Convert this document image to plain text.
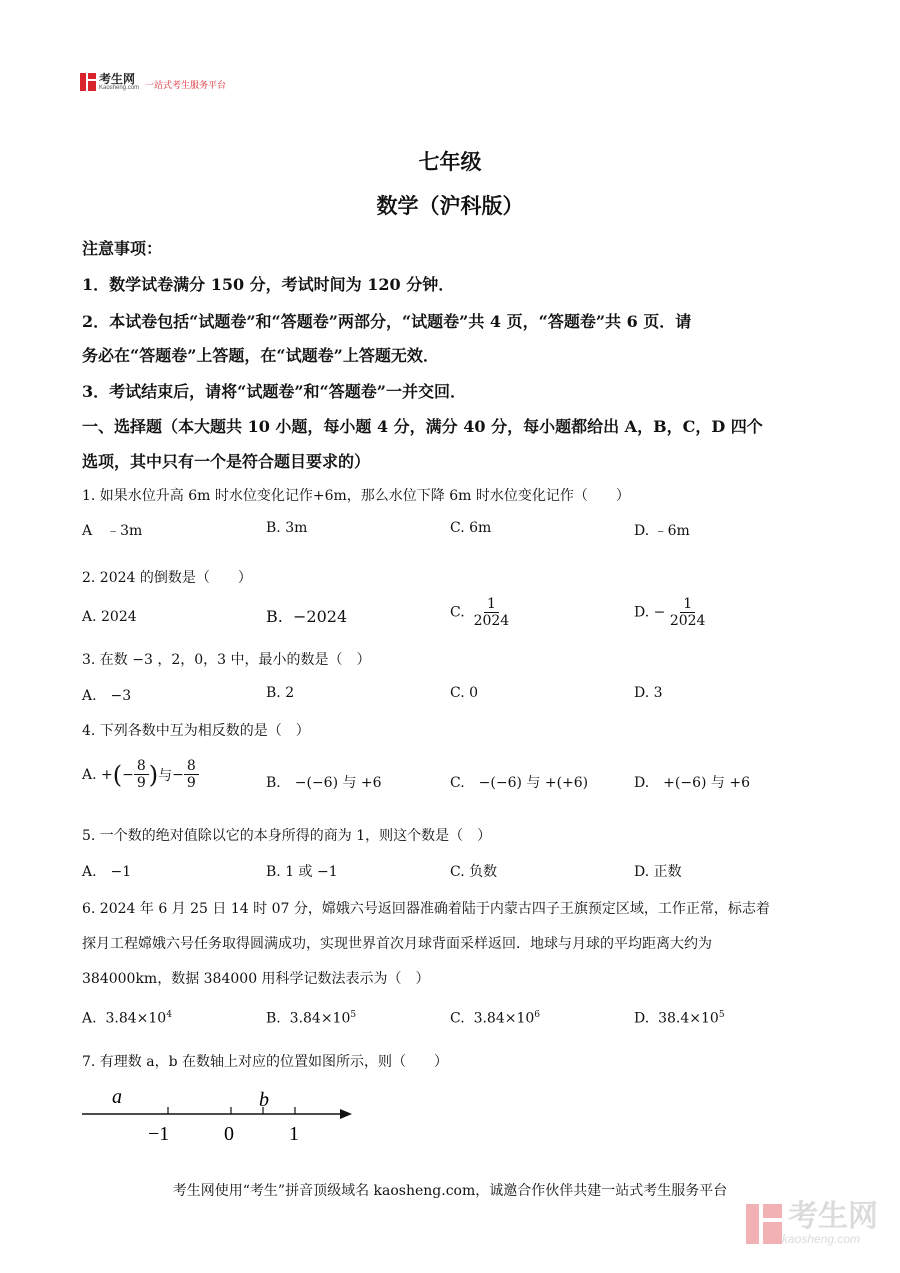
考生网
Kaosheng.com 一站式考生服务平台
七年级
数学（沪科版）
注意事项：
1．数学试卷满分 150 分，考试时间为 120 分钟．
2．本试卷包括“试题卷”和“答题卷”两部分，“试题卷”共 4 页，“答题卷”共 6 页．请
务必在“答题卷”上答题，在“试题卷”上答题无效．
3．考试结束后，请将“试题卷”和“答题卷”一并交回．
一、选择题（本大题共 10 小题，每小题 4 分，满分 40 分，每小题都给出 A，B，C，D 四个
选项，其中只有一个是符合题目要求的）
1. 如果水位升高 6m 时水位变化记作+6m，那么水位下降 6m 时水位变化记作（　　）
A　﹣3m	B. 3m	C. 6m	D. ﹣6m
2. 2024 的倒数是（　　）
A. 2024	B. −2024	C. $\frac{1}{2024}$	D. − $\frac{1}{2024}$
3. 在数 −3 ，2，0，3 中，最小的数是（　）
A.　−3	B. 2	C. 0	D. 3
4. 下列各数中互为相反数的是（　）
A.
+ ( − $\frac{8}{9}$ ) 与 − $\frac{8}{9}$	B.　−(−6) 与 +6	C.　−(−6) 与 +(+6)	D.　+(−6) 与 +6
5. 一个数的绝对值除以它的本身所得的商为 1，则这个数是（　）
A.　−1	B. 1 或 −1	C. 负数	D. 正数
6. 2024 年 6 月 25 日 14 时 07 分，嫦娥六号返回器准确着陆于内蒙古四子王旗预定区域，工作正常，标志着
探月工程嫦娥六号任务取得圆满成功，实现世界首次月球背面采样返回．地球与月球的平均距离大约为
384000km，数据 384000 用科学记数法表示为（　）
A. $3.84\times 10^4$	B. $3.84\times 10^5$	C. $3.84\times 10^6$	D. $38.4\times 10^5$
7. 有理数 a，b 在数轴上对应的位置如图所示，则（　　）
a	b
−1	0	1
考生网使用“考生”拼音顶级域名 kaosheng.com，诚邀合作伙伴共建一站式考生服务平台
考生网
kaosheng.com
